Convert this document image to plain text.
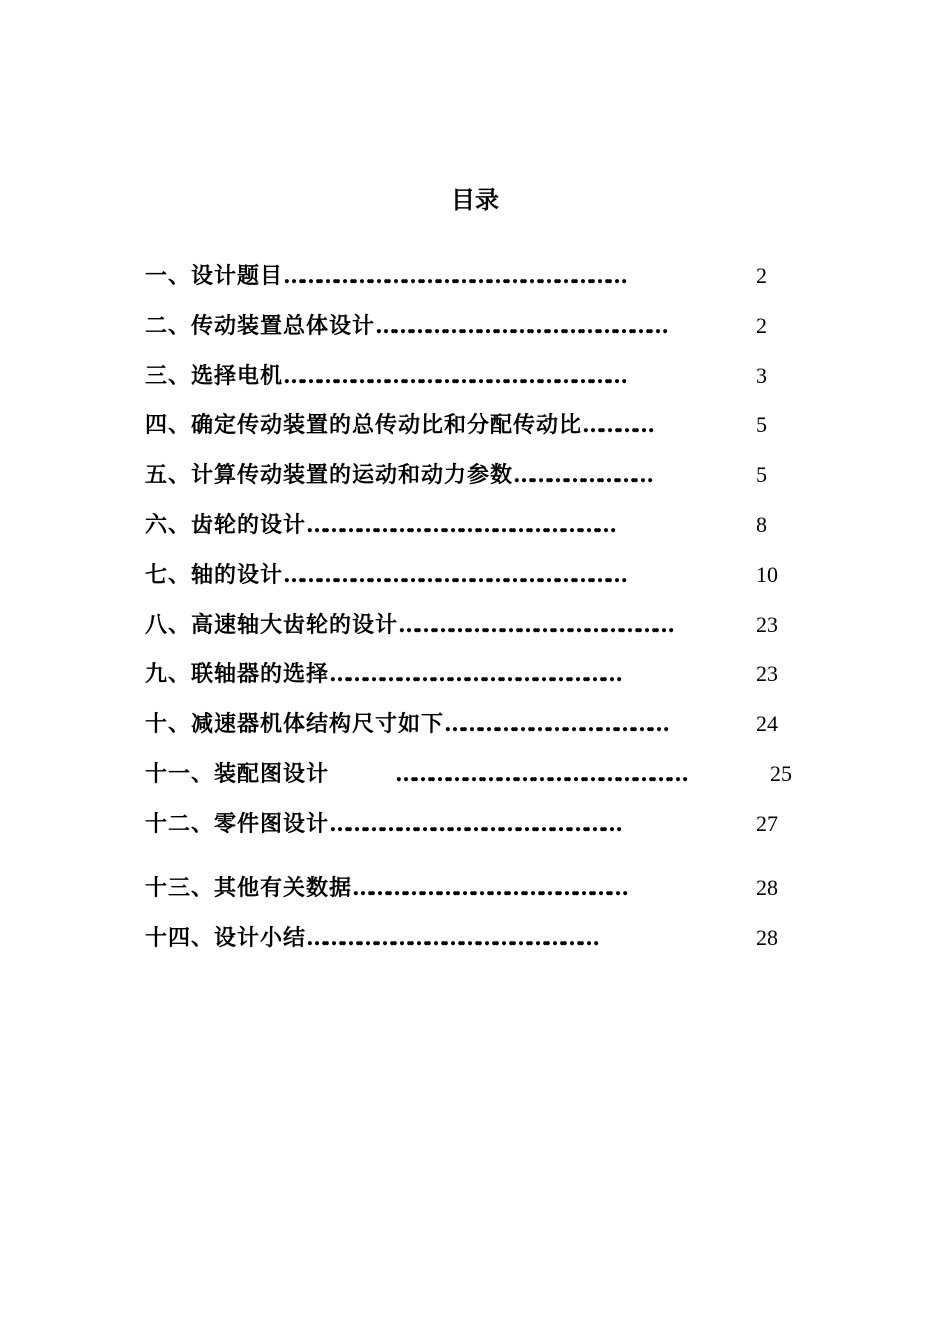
目录
一、设计题目……………………………………………………	2
二、传动装置总体设计……………………………………………	2
三、选择电机……………………………………………………	3
四、确定传动装置的总传动比和分配传动比…………	5
五、计算传动装置的运动和动力参数……………………	5
六、齿轮的设计………………………………………………	8
七、轴的设计……………………………………………………	10
八、高速轴大齿轮的设计…………………………………………	23
九、联轴器的选择……………………………………………	23
十、减速器机体结构尺寸如下…………………………………	24
十一、装配图设计	……………………………………………	25
十二、零件图设计……………………………………………	27
十三、其他有关数据…………………………………………	28
十四、设计小结……………………………………………	28
